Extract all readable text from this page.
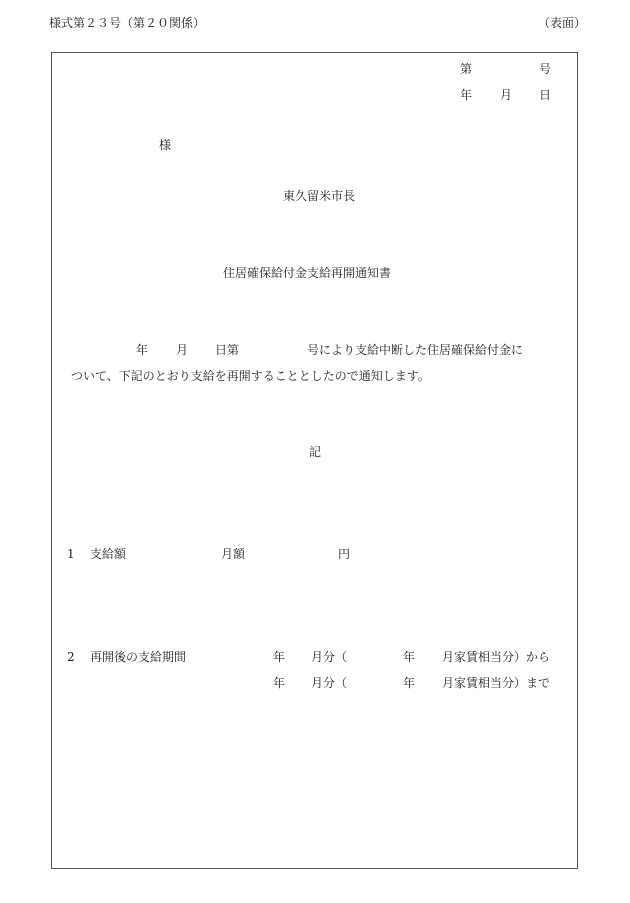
様式第２３号（第２０関係）	（表面）
第	号
年 月 日
様
東久留米市長
住居確保給付金支給再開通知書
年 月 日第	号により支給中断した住居確保給付金に
ついて、下記のとおり支給を再開することとしたので通知します。
記
1 支給額	月額	円
2 再開後の支給期間	年 月分（	年 月家賃相当分）から
年 月分（	年 月家賃相当分）まで
